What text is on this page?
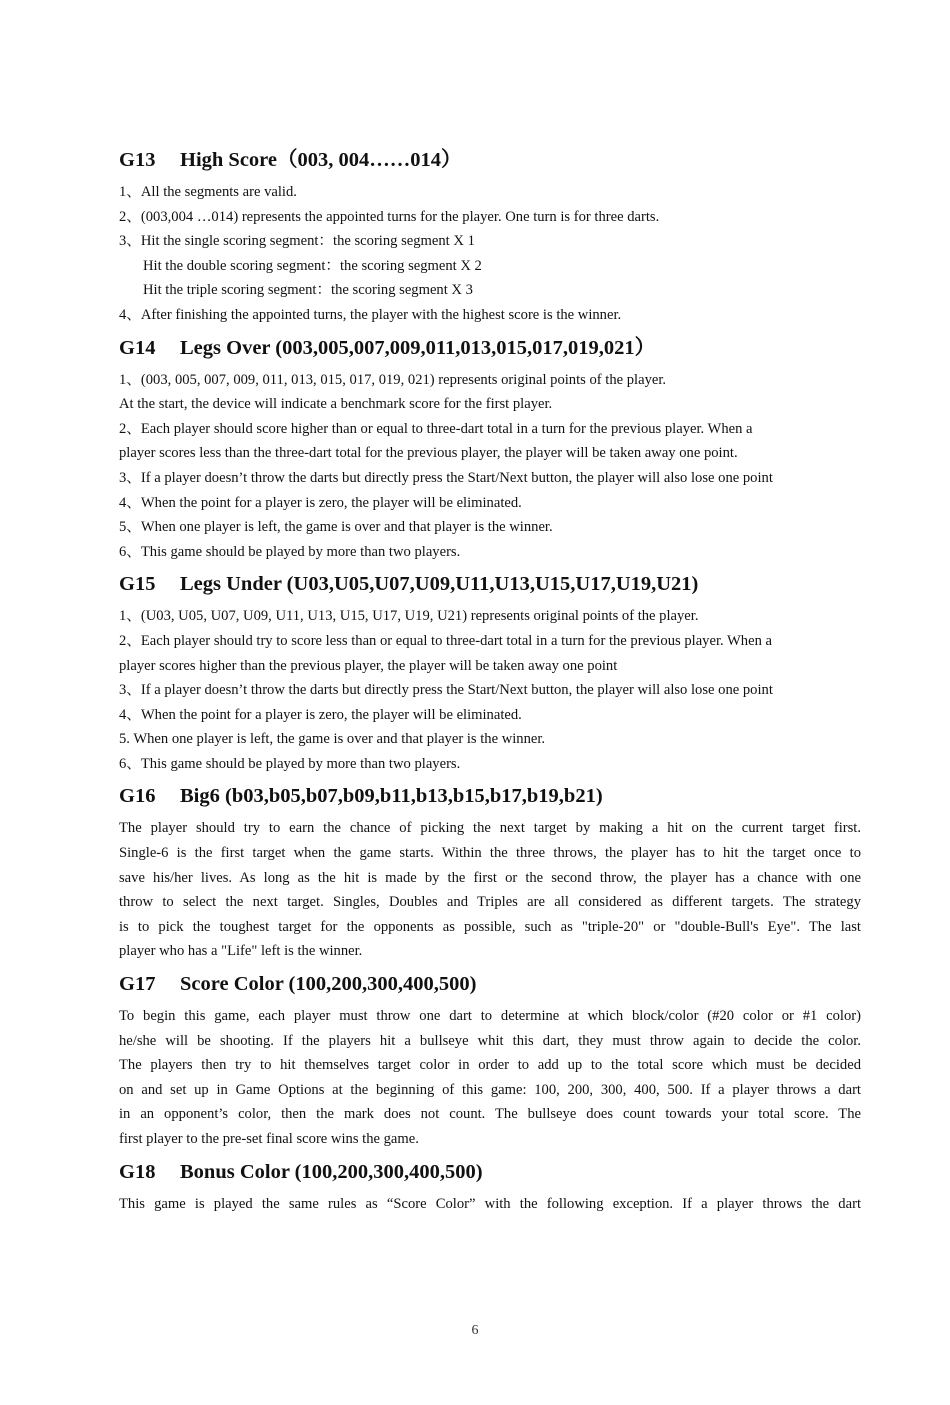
G13 High Score（003, 004……014）
1、All the segments are valid.
2、(003,004 …014) represents the appointed turns for the player. One turn is for three darts.
3、Hit the single scoring segment：the scoring segment X 1
Hit the double scoring segment：the scoring segment X 2
Hit the triple scoring segment：the scoring segment X 3
4、After finishing the appointed turns, the player with the highest score is the winner.
G14 Legs Over (003,005,007,009,011,013,015,017,019,021）
1、(003, 005, 007, 009, 011, 013, 015, 017, 019, 021) represents original points of the player.
At the start, the device will indicate a benchmark score for the first player.
2、Each player should score higher than or equal to three-dart total in a turn for the previous player. When a
player scores less than the three-dart total for the previous player, the player will be taken away one point.
3、If a player doesn’t throw the darts but directly press the Start/Next button, the player will also lose one point
4、When the point for a player is zero, the player will be eliminated.
5、When one player is left, the game is over and that player is the winner.
6、This game should be played by more than two players.
G15 Legs Under (U03,U05,U07,U09,U11,U13,U15,U17,U19,U21)
1、(U03, U05, U07, U09, U11, U13, U15, U17, U19, U21) represents original points of the player.
2、Each player should try to score less than or equal to three-dart total in a turn for the previous player. When a
player scores higher than the previous player, the player will be taken away one point
3、If a player doesn’t throw the darts but directly press the Start/Next button, the player will also lose one point
4、When the point for a player is zero, the player will be eliminated.
5. When one player is left, the game is over and that player is the winner.
6、This game should be played by more than two players.
G16 Big6 (b03,b05,b07,b09,b11,b13,b15,b17,b19,b21)
The player should try to earn the chance of picking the next target by making a hit on the current target first.
Single-6 is the first target when the game starts. Within the three throws, the player has to hit the target once to
save his/her lives. As long as the hit is made by the first or the second throw, the player has a chance with one
throw to select the next target. Singles, Doubles and Triples are all considered as different targets. The strategy
is to pick the toughest target for the opponents as possible, such as "triple-20" or "double-Bull's Eye". The last
player who has a "Life" left is the winner.
G17 Score Color (100,200,300,400,500)
To begin this game, each player must throw one dart to determine at which block/color (#20 color or #1 color)
he/she will be shooting. If the players hit a bullseye whit this dart, they must throw again to decide the color.
The players then try to hit themselves target color in order to add up to the total score which must be decided
on and set up in Game Options at the beginning of this game: 100, 200, 300, 400, 500. If a player throws a dart
in an opponent’s color, then the mark does not count. The bullseye does count towards your total score. The
first player to the pre-set final score wins the game.
G18 Bonus Color (100,200,300,400,500)
This game is played the same rules as “Score Color” with the following exception. If a player throws the dart
6
